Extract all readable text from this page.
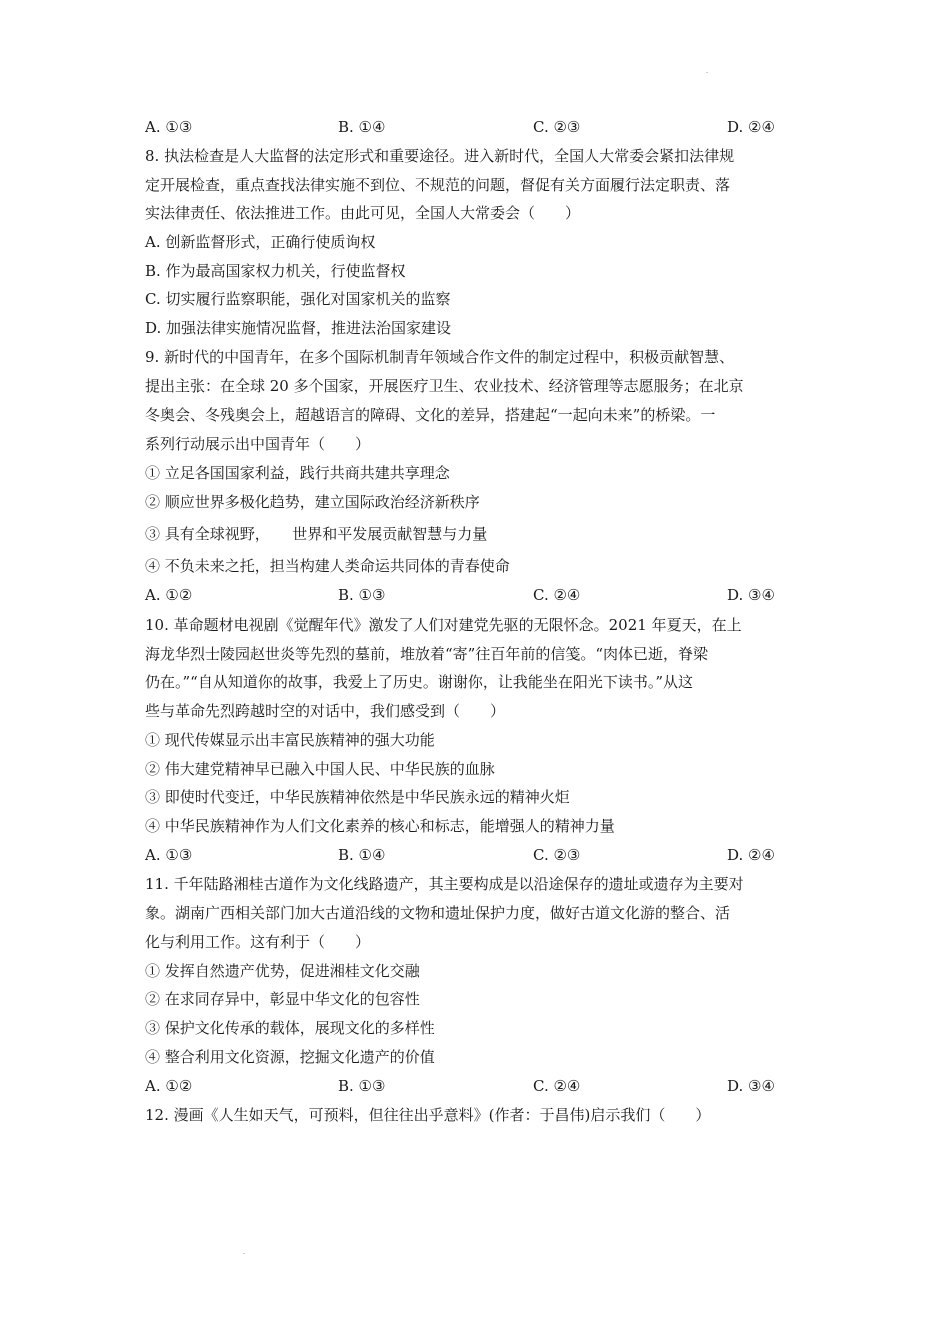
A. ①③	B. ①④	C. ②③	D. ②④
8. 执法检查是人大监督的法定形式和重要途径。进入新时代，全国人大常委会紧扣法律规
定开展检查，重点查找法律实施不到位、不规范的问题，督促有关方面履行法定职责、落
实法律责任、依法推进工作。由此可见，全国人大常委会（　　）
A. 创新监督形式，正确行使质询权
B. 作为最高国家权力机关，行使监督权
C. 切实履行监察职能，强化对国家机关的监察
D. 加强法律实施情况监督，推进法治国家建设
9. 新时代的中国青年，在多个国际机制青年领域合作文件的制定过程中，积极贡献智慧、
提出主张：在全球 20 多个国家，开展医疗卫生、农业技术、经济管理等志愿服务；在北京
冬奥会、冬残奥会上，超越语言的障碍、文化的差异，搭建起“一起向未来”的桥梁。一
系列行动展示出中国青年（　　）
① 立足各国国家利益，践行共商共建共享理念
② 顺应世界多极化趋势，建立国际政治经济新秩序
③ 具有全球视野，　　世界和平发展贡献智慧与力量
④ 不负未来之托，担当构建人类命运共同体的青春使命
A. ①②	B. ①③	C. ②④	D. ③④
10. 革命题材电视剧《觉醒年代》激发了人们对建党先驱的无限怀念。2021 年夏天，在上
海龙华烈士陵园赵世炎等先烈的墓前，堆放着“寄”往百年前的信笺。“肉体已逝，脊梁
仍在。”“自从知道你的故事，我爱上了历史。谢谢你，让我能坐在阳光下读书。”从这
些与革命先烈跨越时空的对话中，我们感受到（　　）
① 现代传媒显示出丰富民族精神的强大功能
② 伟大建党精神早已融入中国人民、中华民族的血脉
③ 即使时代变迁，中华民族精神依然是中华民族永远的精神火炬
④ 中华民族精神作为人们文化素养的核心和标志，能增强人的精神力量
A. ①③	B. ①④	C. ②③	D. ②④
11. 千年陆路湘桂古道作为文化线路遗产，其主要构成是以沿途保存的遗址或遗存为主要对
象。湖南广西相关部门加大古道沿线的文物和遗址保护力度，做好古道文化游的整合、活
化与利用工作。这有利于（　　）
① 发挥自然遗产优势，促进湘桂文化交融
② 在求同存异中，彰显中华文化的包容性
③ 保护文化传承的载体，展现文化的多样性
④ 整合利用文化资源，挖掘文化遗产的价值
A. ①②	B. ①③	C. ②④	D. ③④
12. 漫画《人生如天气，可预料，但往往出乎意料》(作者：于昌伟)启示我们（　　）
